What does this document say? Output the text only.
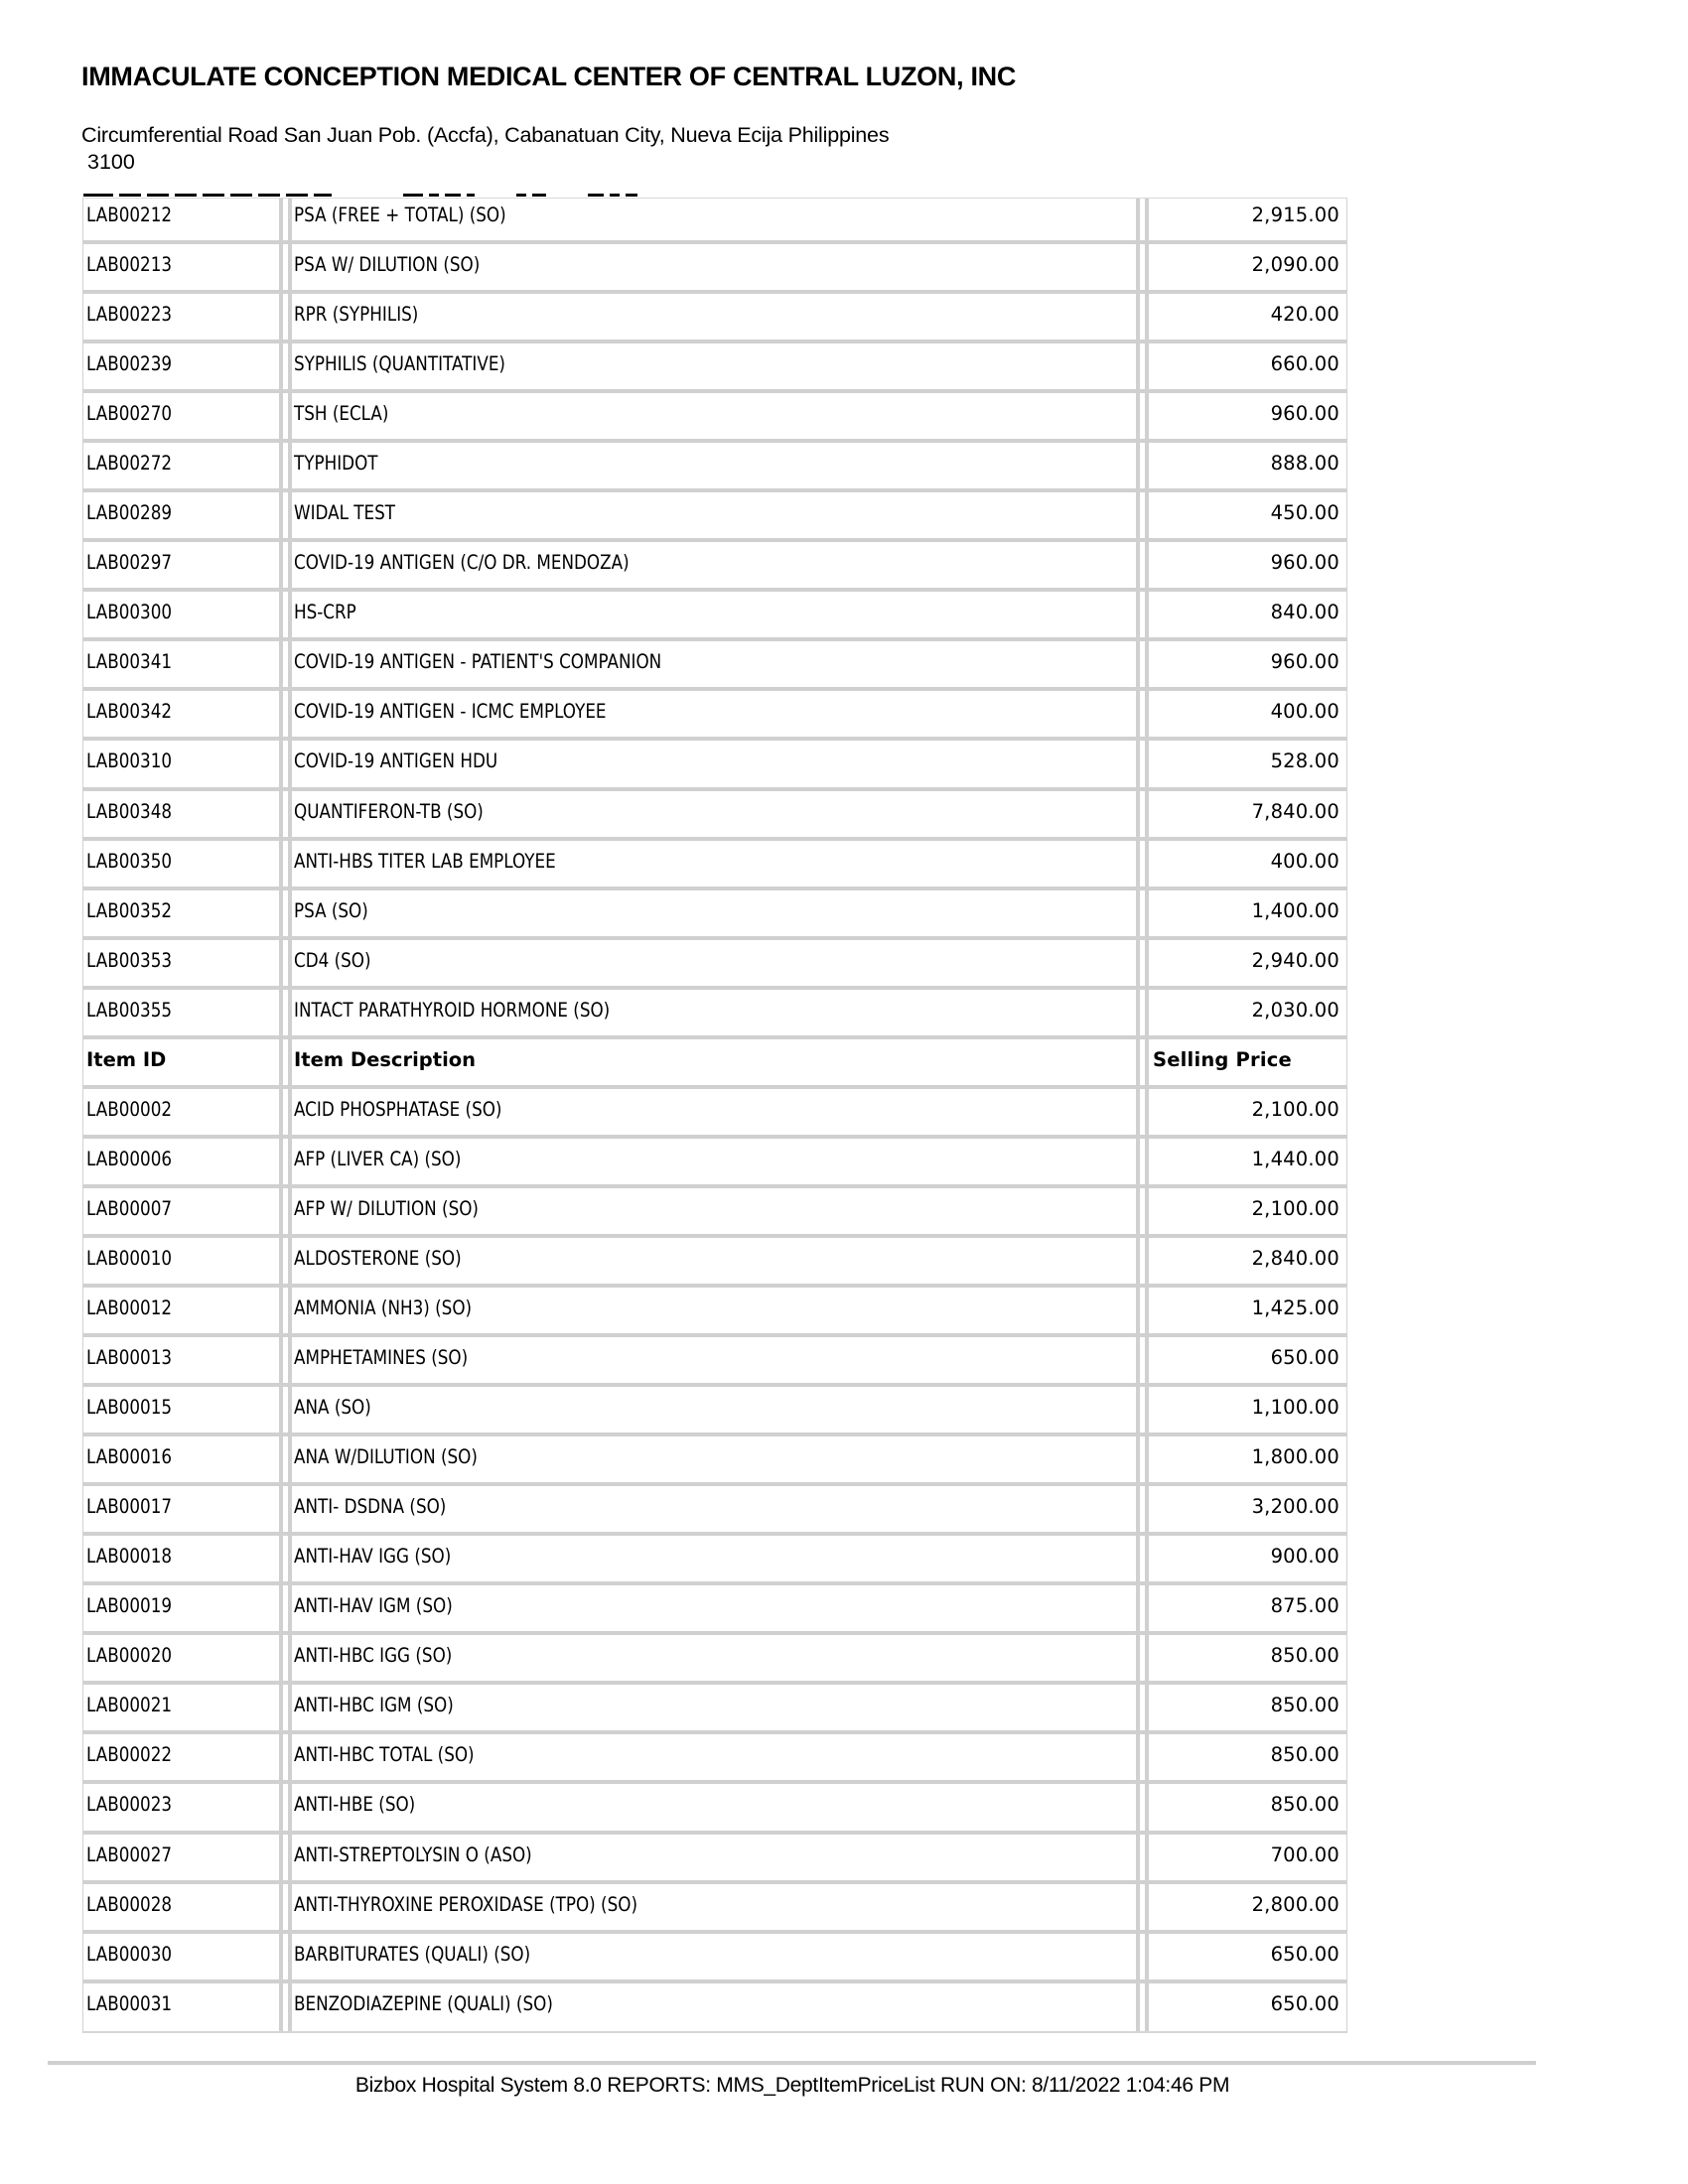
IMMACULATE CONCEPTION MEDICAL CENTER OF CENTRAL LUZON, INC
Circumferential Road San Juan Pob. (Accfa), Cabanatuan City, Nueva Ecija Philippines
3100
LAB00212	PSA (FREE + TOTAL) (SO)	2,915.00
LAB00213	PSA W/ DILUTION (SO)	2,090.00
LAB00223	RPR (SYPHILIS)	420.00
LAB00239	SYPHILIS (QUANTITATIVE)	660.00
LAB00270	TSH (ECLA)	960.00
LAB00272	TYPHIDOT	888.00
LAB00289	WIDAL TEST	450.00
LAB00297	COVID-19 ANTIGEN (C/O DR. MENDOZA)	960.00
LAB00300	HS-CRP	840.00
LAB00341	COVID-19 ANTIGEN - PATIENT'S COMPANION	960.00
LAB00342	COVID-19 ANTIGEN - ICMC EMPLOYEE	400.00
LAB00310	COVID-19 ANTIGEN HDU	528.00
LAB00348	QUANTIFERON-TB (SO)	7,840.00
LAB00350	ANTI-HBS TITER LAB EMPLOYEE	400.00
LAB00352	PSA (SO)	1,400.00
LAB00353	CD4 (SO)	2,940.00
LAB00355	INTACT PARATHYROID HORMONE (SO)	2,030.00
Item ID	Item Description	Selling Price
LAB00002	ACID PHOSPHATASE (SO)	2,100.00
LAB00006	AFP (LIVER CA) (SO)	1,440.00
LAB00007	AFP W/ DILUTION (SO)	2,100.00
LAB00010	ALDOSTERONE (SO)	2,840.00
LAB00012	AMMONIA (NH3) (SO)	1,425.00
LAB00013	AMPHETAMINES (SO)	650.00
LAB00015	ANA (SO)	1,100.00
LAB00016	ANA W/DILUTION (SO)	1,800.00
LAB00017	ANTI- DSDNA (SO)	3,200.00
LAB00018	ANTI-HAV IGG (SO)	900.00
LAB00019	ANTI-HAV IGM (SO)	875.00
LAB00020	ANTI-HBC IGG (SO)	850.00
LAB00021	ANTI-HBC IGM (SO)	850.00
LAB00022	ANTI-HBC TOTAL (SO)	850.00
LAB00023	ANTI-HBE (SO)	850.00
LAB00027	ANTI-STREPTOLYSIN O (ASO)	700.00
LAB00028	ANTI-THYROXINE PEROXIDASE (TPO) (SO)	2,800.00
LAB00030	BARBITURATES (QUALI) (SO)	650.00
LAB00031	BENZODIAZEPINE (QUALI) (SO)	650.00
Bizbox Hospital System 8.0 REPORTS: MMS_DeptItemPriceList RUN ON: 8/11/2022 1:04:46 PM
